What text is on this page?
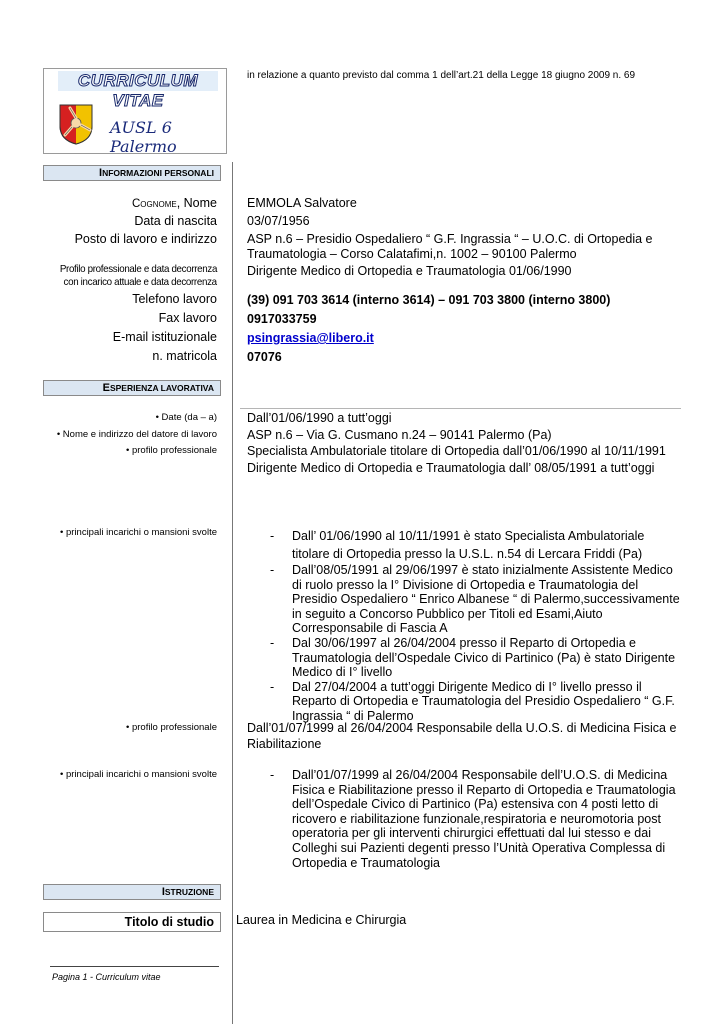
CURRICULUM VITAE
AUSL 6 Palermo
in relazione a quanto previsto dal comma 1 dell’art.21 della Legge 18 giugno 2009 n. 69
INFORMAZIONI PERSONALI
Cognome, Nome EMMOLA Salvatore
Data di nascita 03/07/1956
Posto di lavoro e indirizzo ASP n.6 – Presidio Ospedaliero “ G.F. Ingrassia “ – U.O.C. di Ortopedia e
Traumatologia – Corso Calatafimi,n. 1002 – 90100 Palermo
Profilo professionale e data decorrenza
con incarico attuale e data decorrenza
Dirigente Medico di Ortopedia e Traumatologia 01/06/1990
Telefono lavoro (39) 091 703 3614 (interno 3614) – 091 703 3800 (interno 3800)
Fax lavoro 0917033759
E-mail istituzionale psingrassia@libero.it
n. matricola 07076
ESPERIENZA LAVORATIVA
• Date (da – a) Dall’01/06/1990 a tutt’oggi
• Nome e indirizzo del datore di lavoro ASP n.6 – Via G. Cusmano n.24 – 90141 Palermo (Pa)
• profilo professionale Specialista Ambulatoriale titolare di Ortopedia dall’01/06/1990 al 10/11/1991
Dirigente Medico di Ortopedia e Traumatologia dall’ 08/05/1991 a tutt’oggi
• principali incarichi o mansioni svolte	- Dall’ 01/06/1990 al 10/11/1991 è stato Specialista Ambulatoriale titolare di Ortopedia presso la U.S.L. n.54 di Lercara Friddi (Pa)
- Dall’08/05/1991 al 29/06/1997 è stato inizialmente Assistente Medico di ruolo presso la I° Divisione di Ortopedia e Traumatologia del Presidio Ospedaliero “ Enrico Albanese “ di Palermo,successivamente in seguito a Concorso Pubblico per Titoli ed Esami,Aiuto Corresponsabile di Fascia A
- Dal 30/06/1997 al 26/04/2004 presso il Reparto di Ortopedia e Traumatologia dell’Ospedale Civico di Partinico (Pa) è stato Dirigente Medico di I° livello
- Dal 27/04/2004 a tutt’oggi Dirigente Medico di I° livello presso il Reparto di Ortopedia e Traumatologia del Presidio Ospedaliero “ G.F. Ingrassia “ di Palermo
• profilo professionale Dall’01/07/1999 al 26/04/2004 Responsabile della U.O.S. di Medicina Fisica e Riabilitazione
• principali incarichi o mansioni svolte	- Dall’01/07/1999 al 26/04/2004 Responsabile dell’U.O.S. di Medicina Fisica e Riabilitazione presso il Reparto di Ortopedia e Traumatologia dell’Ospedale Civico di Partinico (Pa) estensiva con 4 posti letto di ricovero e riabilitazione funzionale,respiratoria e neuromotoria post operatoria per gli interventi chirurgici effettuati dal lui stesso e dai Colleghi sui Pazienti degenti presso l’Unità Operativa Complessa di Ortopedia e Traumatologia
ISTRUZIONE
Titolo di studio	Laurea in Medicina e Chirurgia
Pagina 1 - Curriculum vitae
